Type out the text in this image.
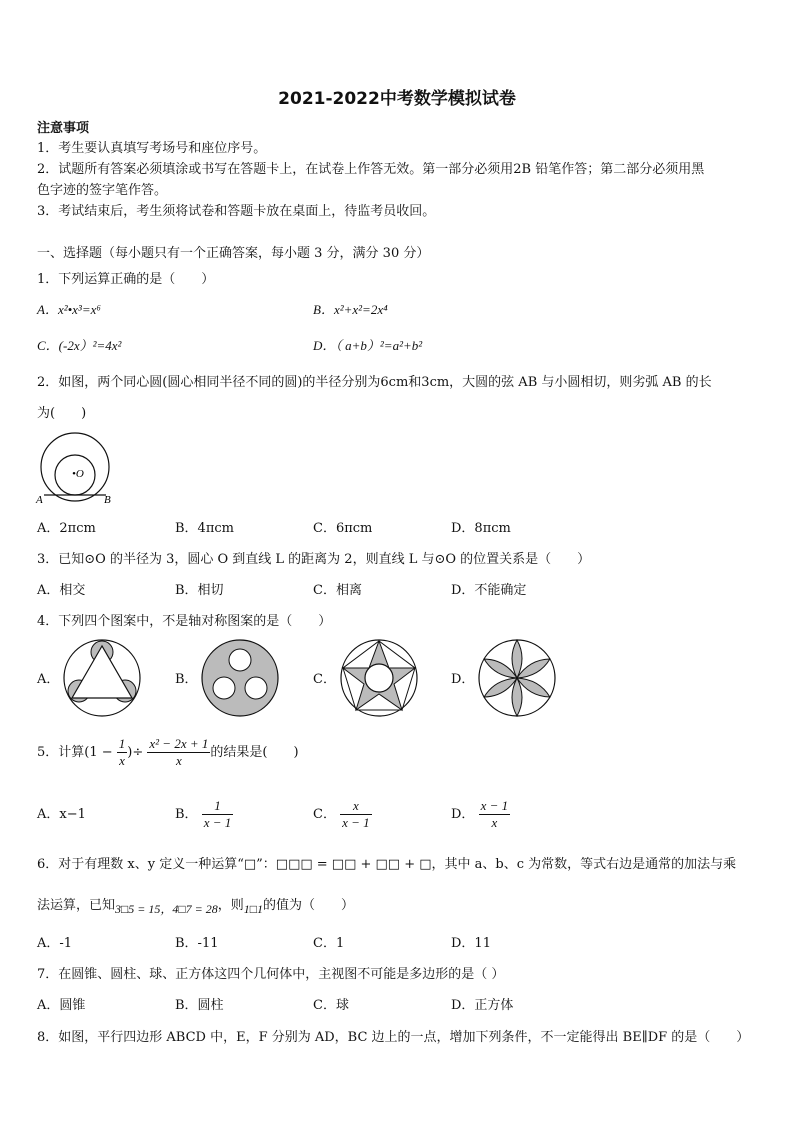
2021-2022中考数学模拟试卷
注意事项
1．考生要认真填写考场号和座位序号。
2．试题所有答案必须填涂或书写在答题卡上，在试卷上作答无效。第一部分必须用2B 铅笔作答；第二部分必须用黑
色字迹的签字笔作答。
3．考试结束后，考生须将试卷和答题卡放在桌面上，待监考员收回。
一、选择题（每小题只有一个正确答案，每小题 3 分，满分 30 分）
1．下列运算正确的是（　　）
A．x²•x³=x⁶	B．x²+x²=2x⁴
C．(-2x）²=4x²	D．（ a+b）²=a²+b²
2．如图，两个同心圆(圆心相同半径不同的圆)的半径分别为6cm和3cm，大圆的弦 AB 与小圆相切，则劣弧 AB 的长
为(　　)
•O
A	B
A．2πcm	B．4πcm	C．6πcm	D．8πcm
3．已知⊙O 的半径为 3，圆心 O 到直线 L 的距离为 2，则直线 L 与⊙O 的位置关系是（　　）
A．相交	B．相切	C．相离	D．不能确定
4．下列四个图案中，不是轴对称图案的是（　　）
A．	B．	C．	D．
5．计算($1 - \frac{1}{x}$ )÷ $\frac{\text{x² − 2x + 1}}{x}$ 的结果是(　　)
A．x−1	B． $\frac{1}{x - 1}$	C． $\frac{x}{x - 1}$	D． $\frac{x - 1}{x}$
6．对于有理数 x、y 定义一种运算“□”：□□□ = □□ + □□ + □，其中 a、b、c 为常数，等式右边是通常的加法与乘
法运算，已知3□5 = 15，4□7 = 28，则1□1的值为（　　）
A．-1	B．-11	C．1	D．11
7．在圆锥、圆柱、球、正方体这四个几何体中，主视图不可能是多边形的是（ ）
A．圆锥	B．圆柱	C．球	D．正方体
8．如图，平行四边形 ABCD 中，E，F 分别为 AD，BC 边上的一点，增加下列条件，不一定能得出 BE∥DF 的是（　　）
